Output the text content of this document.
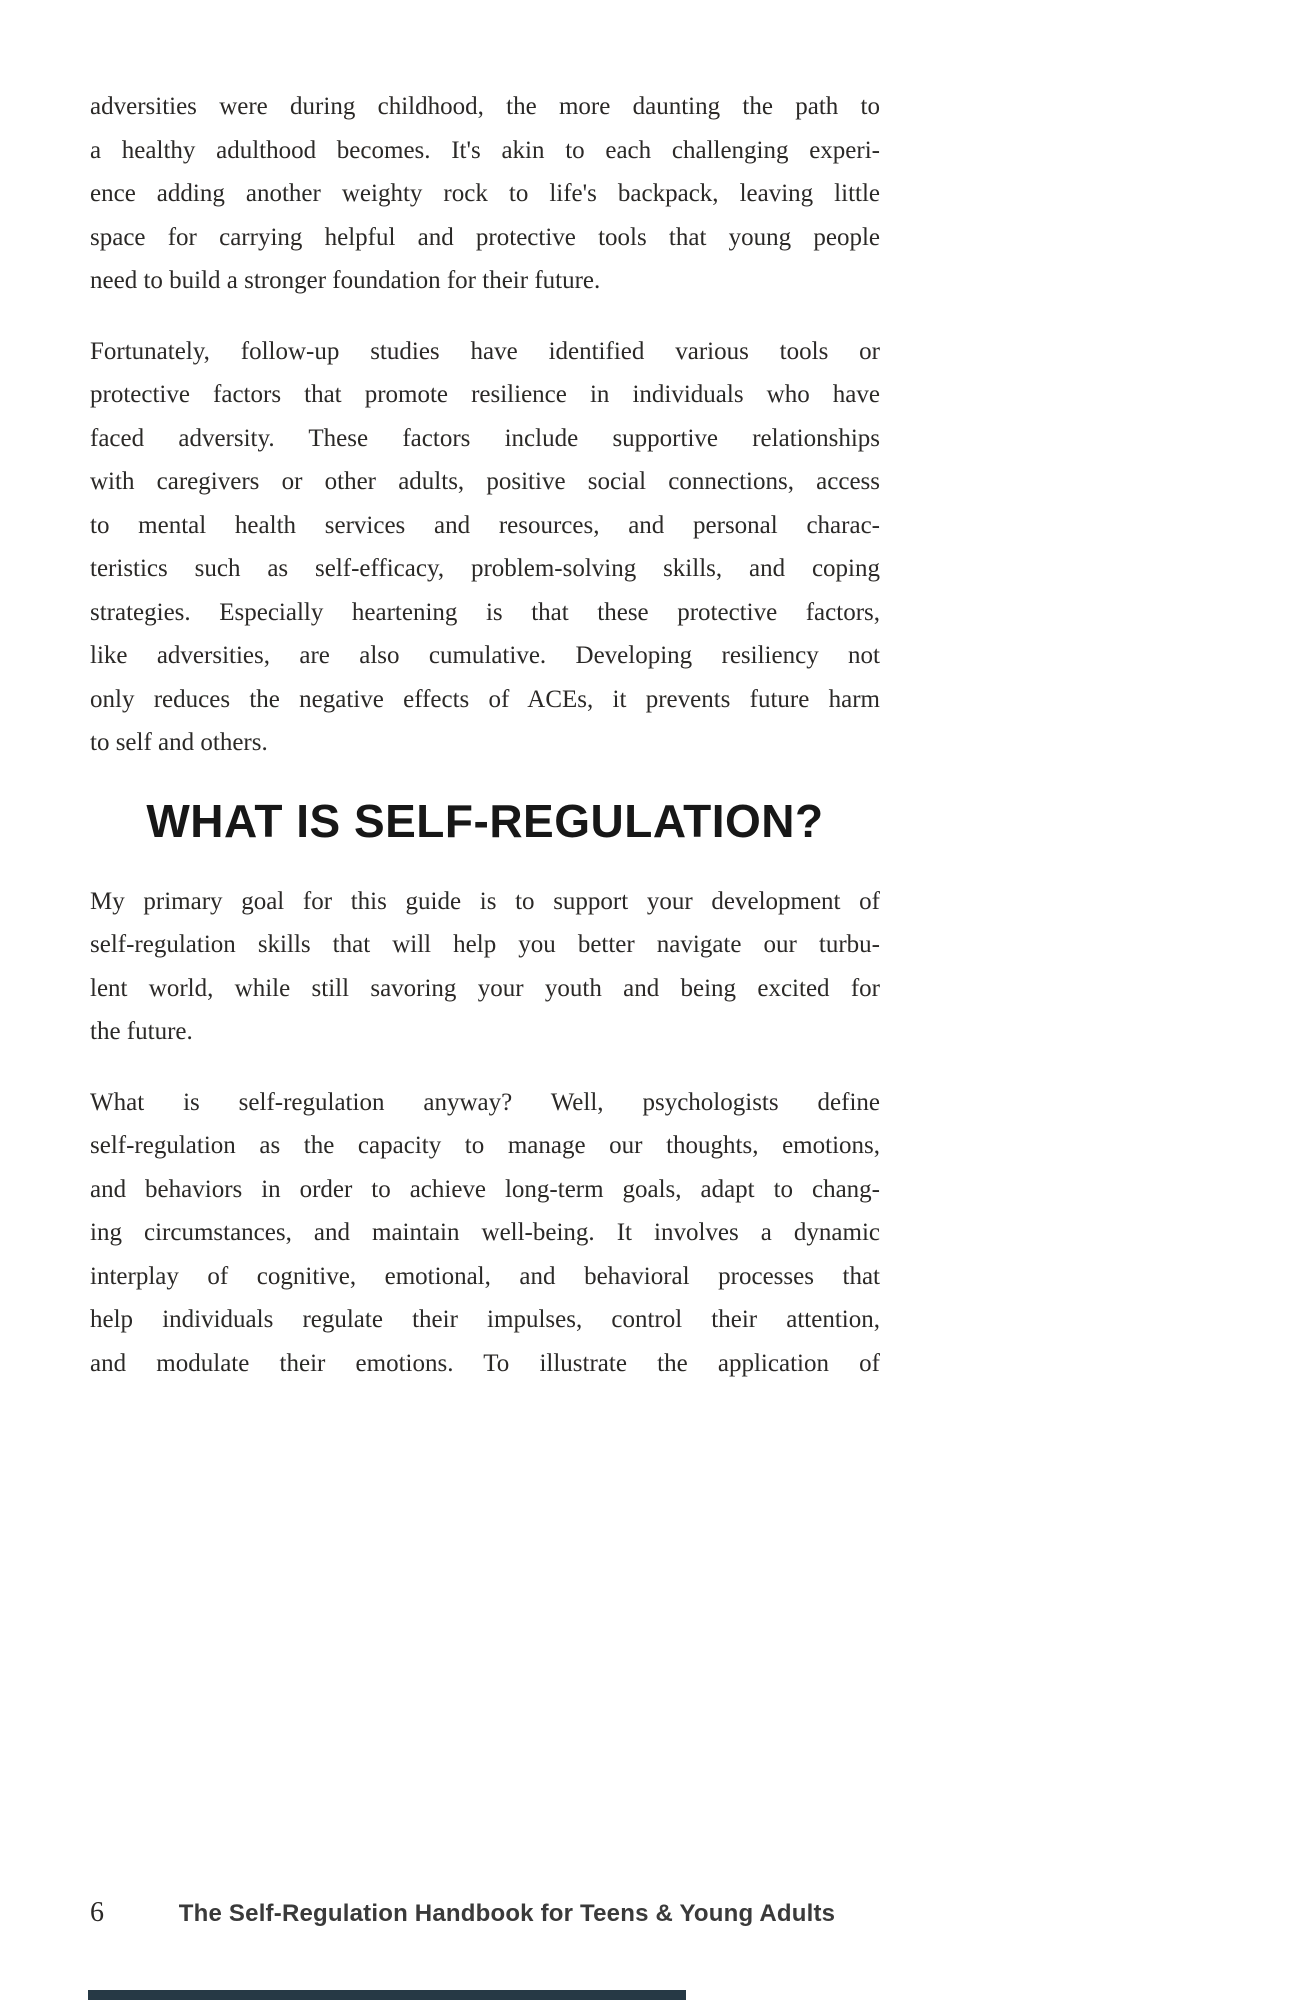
adversities were during childhood, the more daunting the path to
a healthy adulthood becomes. It's akin to each challenging experi-
ence adding another weighty rock to life's backpack, leaving little
space for carrying helpful and protective tools that young people
need to build a stronger foundation for their future.
Fortunately, follow-up studies have identified various tools or
protective factors that promote resilience in individuals who have
faced adversity. These factors include supportive relationships
with caregivers or other adults, positive social connections, access
to mental health services and resources, and personal charac-
teristics such as self-efficacy, problem-solving skills, and coping
strategies. Especially heartening is that these protective factors,
like adversities, are also cumulative. Developing resiliency not
only reduces the negative effects of ACEs, it prevents future harm
to self and others.
WHAT IS SELF-REGULATION?
My primary goal for this guide is to support your development of
self-regulation skills that will help you better navigate our turbu-
lent world, while still savoring your youth and being excited for
the future.
What is self-regulation anyway? Well, psychologists define
self-regulation as the capacity to manage our thoughts, emotions,
and behaviors in order to achieve long-term goals, adapt to chang-
ing circumstances, and maintain well-being. It involves a dynamic
interplay of cognitive, emotional, and behavioral processes that
help individuals regulate their impulses, control their attention,
and modulate their emotions. To illustrate the application of
6	The Self-Regulation Handbook for Teens & Young Adults
